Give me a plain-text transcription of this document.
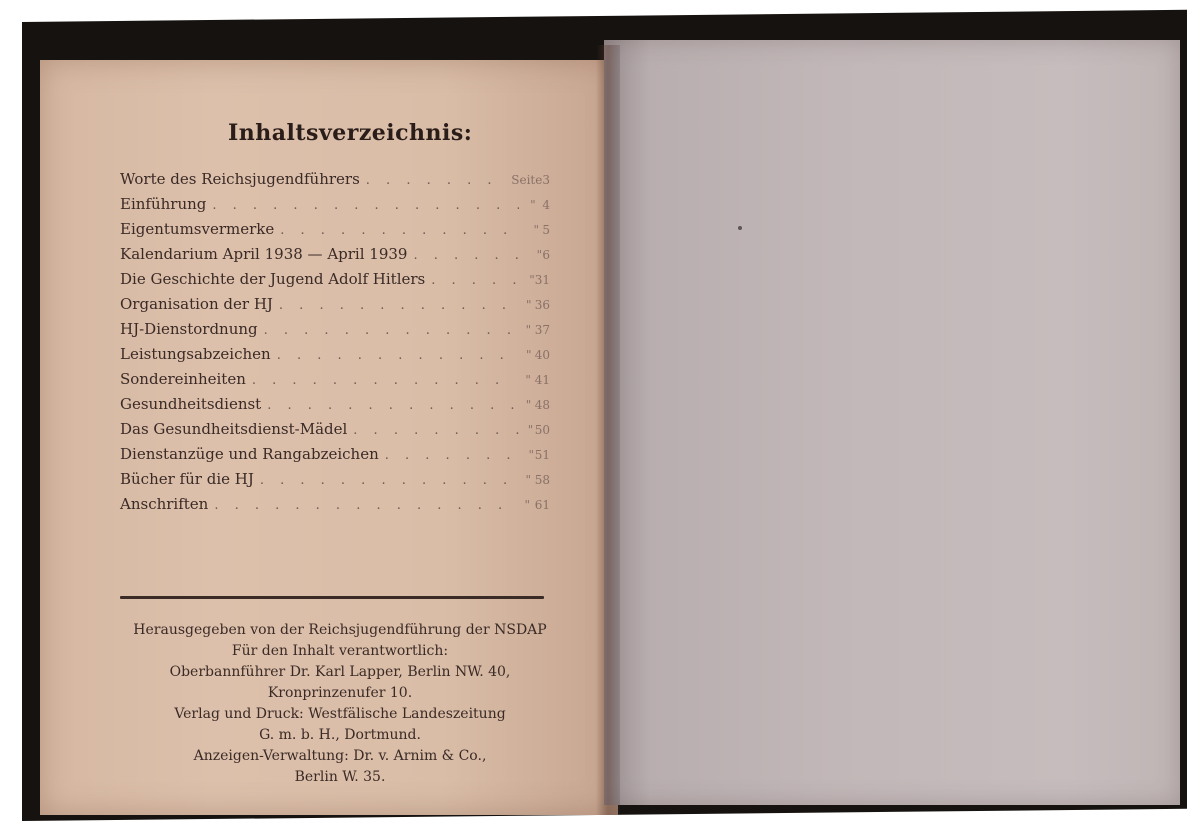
Inhaltsverzeichnis:
Worte des Reichsjugendführers . . .	Seite 3
Einführung . . .	" 4
Eigentumsvermerke . . .	" 5
Kalendarium April 1938 — April 1939 . . .	" 6
Die Geschichte der Jugend Adolf Hitlers . . .	" 31
Organisation der HJ . . .	" 36
HJ-Dienstordnung . . .	" 37
Leistungsabzeichen . . .	" 40
Sondereinheiten . . .	" 41
Gesundheitsdienst . . .	" 48
Das Gesundheitsdienst-Mädel . . .	" 50
Dienstanzüge und Rangabzeichen . . .	" 51
Bücher für die HJ . . .	" 58
Anschriften . . .	" 61
Herausgegeben von der Reichsjugendführung der NSDAP
Für den Inhalt verantwortlich:
Oberbannführer Dr. Karl Lapper, Berlin NW. 40,
Kronprinzenufer 10.
Verlag und Druck: Westfälische Landeszeitung
G. m. b. H., Dortmund.
Anzeigen-Verwaltung: Dr. v. Arnim & Co.,
Berlin W. 35.
